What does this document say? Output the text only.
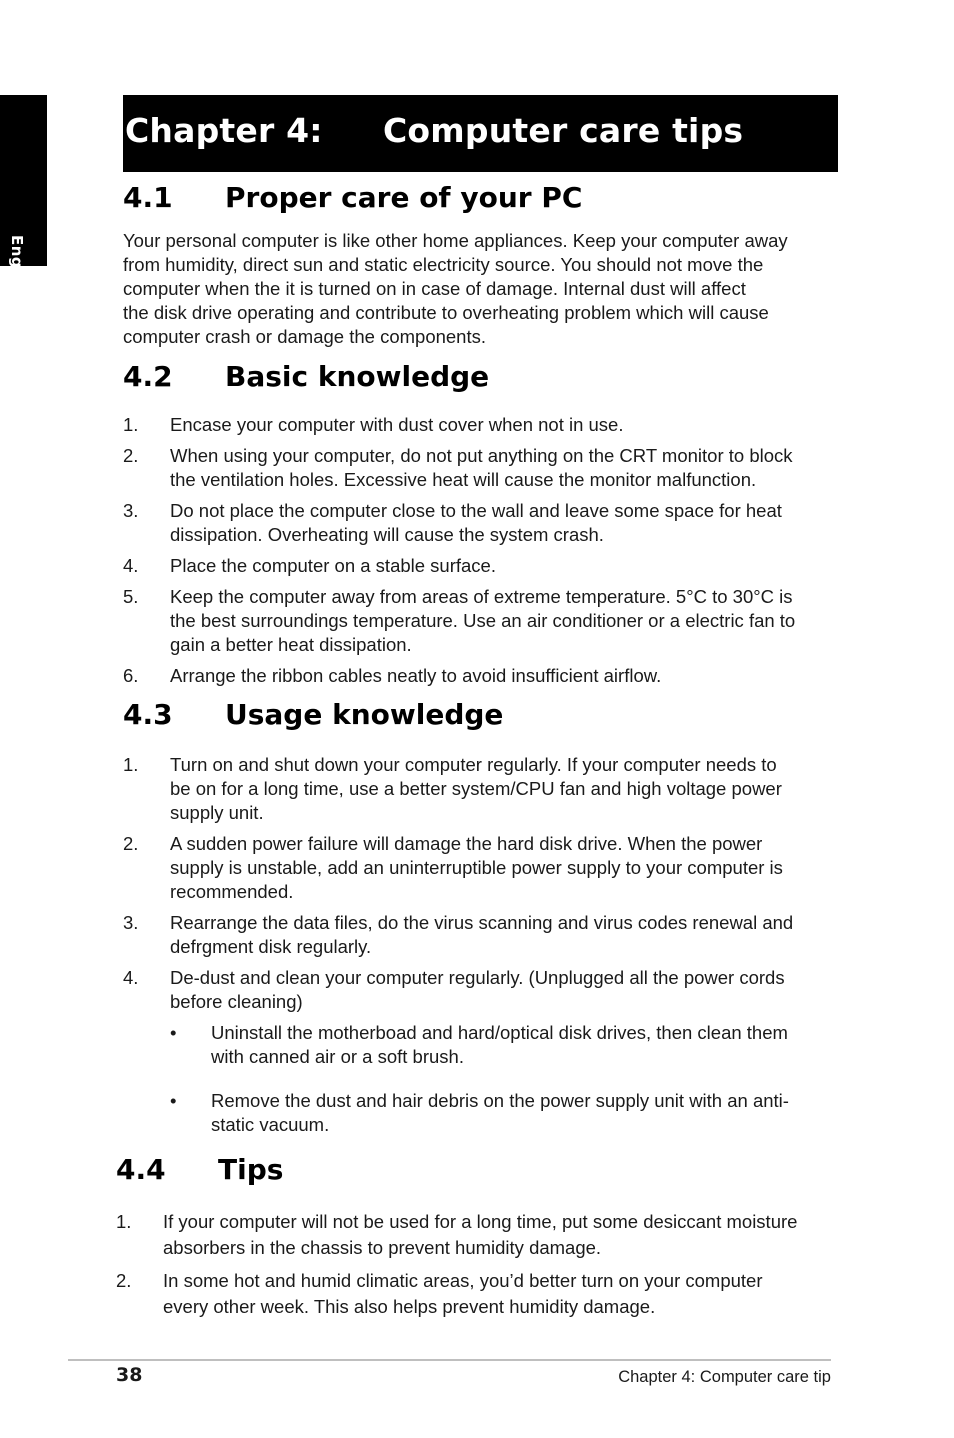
English
Chapter 4: Computer care tips
4.1 Proper care of your PC
Your personal computer is like other home appliances. Keep your computer away
from humidity, direct sun and static electricity source. You should not move the
computer when the it is turned on in case of damage. Internal dust will affect
the disk drive operating and contribute to overheating problem which will cause
computer crash or damage the components.
4.2 Basic knowledge
1. Encase your computer with dust cover when not in use.
2. When using your computer, do not put anything on the CRT monitor to block
the ventilation holes. Excessive heat will cause the monitor malfunction.
3. Do not place the computer close to the wall and leave some space for heat
dissipation. Overheating will cause the system crash.
4. Place the computer on a stable surface.
5. Keep the computer away from areas of extreme temperature. 5°C to 30°C is
the best surroundings temperature. Use an air conditioner or a electric fan to
gain a better heat dissipation.
6. Arrange the ribbon cables neatly to avoid insufficient airflow.
4.3 Usage knowledge
1. Turn on and shut down your computer regularly. If your computer needs to
be on for a long time, use a better system/CPU fan and high voltage power
supply unit.
2. A sudden power failure will damage the hard disk drive. When the power
supply is unstable, add an uninterruptible power supply to your computer is
recommended.
3. Rearrange the data files, do the virus scanning and virus codes renewal and
defrgment disk regularly.
4. De-dust and clean your computer regularly. (Unplugged all the power cords
before cleaning)
• Uninstall the motherboad and hard/optical disk drives, then clean them
with canned air or a soft brush.
• Remove the dust and hair debris on the power supply unit with an anti-
static vacuum.
4.4 Tips
1. If your computer will not be used for a long time, put some desiccant moisture
absorbers in the chassis to prevent humidity damage.
2. In some hot and humid climatic areas, you’d better turn on your computer
every other week. This also helps prevent humidity damage.
38	Chapter 4: Computer care tip
